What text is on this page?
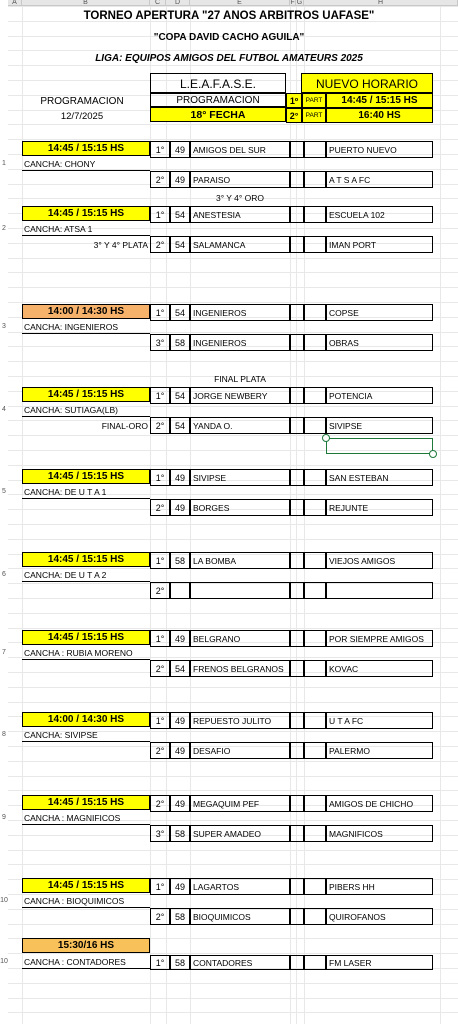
A	B	C	D	E	F G	H
TORNEO APERTURA "27 AÑOS ARBITROS UAFASE"
"COPA DAVID CACHO AGUILA"
LIGA: EQUIPOS AMIGOS DEL FUTBOL AMATEURS 2025
PROGRAMACION
12/7/2025
L.E.A.F.A.S.E.
PROGRAMACION
18° FECHA
NUEVO HORARIO
1º	PART	14:45 / 15:15 HS
2°	PART	16:40 HS
14:45 / 15:15 HS
1 CANCHA: CHONY
1°	49 AMIGOS DEL SUR	PUERTO NUEVO
2°	49 PARAISO	A T S A FC
3° Y 4° ORO
14:45 / 15:15 HS
2 CANCHA: ATSA 1
3° Y 4° PLATA
1°	54 ANESTESIA	ESCUELA 102
2°	54 SALAMANCA	IMAN PORT
14:00 / 14:30 HS
3 CANCHA: INGENIEROS
1°	54 INGENIEROS	COPSE
3°	58 INGENIEROS	OBRAS
FINAL PLATA
14:45 / 15:15 HS
4 CANCHA: SUTIAGA(LB)
FINAL-ORO
1°	54 JORGE NEWBERY	POTENCIA
2°	54 YANDA O.	SIVIPSE
14:45 / 15:15 HS
5 CANCHA: DE U T A 1
1°	49 SIVIPSE	SAN ESTEBAN
2°	49 BORGES	REJUNTE
14:45 / 15:15 HS
6 CANCHA: DE U T A 2
1°	58 LA BOMBA	VIEJOS AMIGOS
2°
14:45 / 15:15 HS
7 CANCHA : RUBIA MORENO
1°	49 BELGRANO	POR SIEMPRE AMIGOS
2°	54 FRENOS BELGRANOS	KOVAC
14:00 / 14:30 HS
8 CANCHA: SIVIPSE
1°	49 REPUESTO JULITO	U T A FC
2°	49 DESAFIO	PALERMO
14:45 / 15:15 HS
9 CANCHA : MAGNIFICOS
2°	49 MEGAQUIM PEF	AMIGOS DE CHICHO
3°	58 SUPER AMADEO	MAGNIFICOS
14:45 / 15:15 HS
10 CANCHA : BIOQUIMICOS
1°	49 LAGARTOS	PIBERS HH
2°	58 BIOQUIMICOS	QUIROFANOS
15:30/16 HS
10 CANCHA : CONTADORES	1°	58 CONTADORES	FM LASER
